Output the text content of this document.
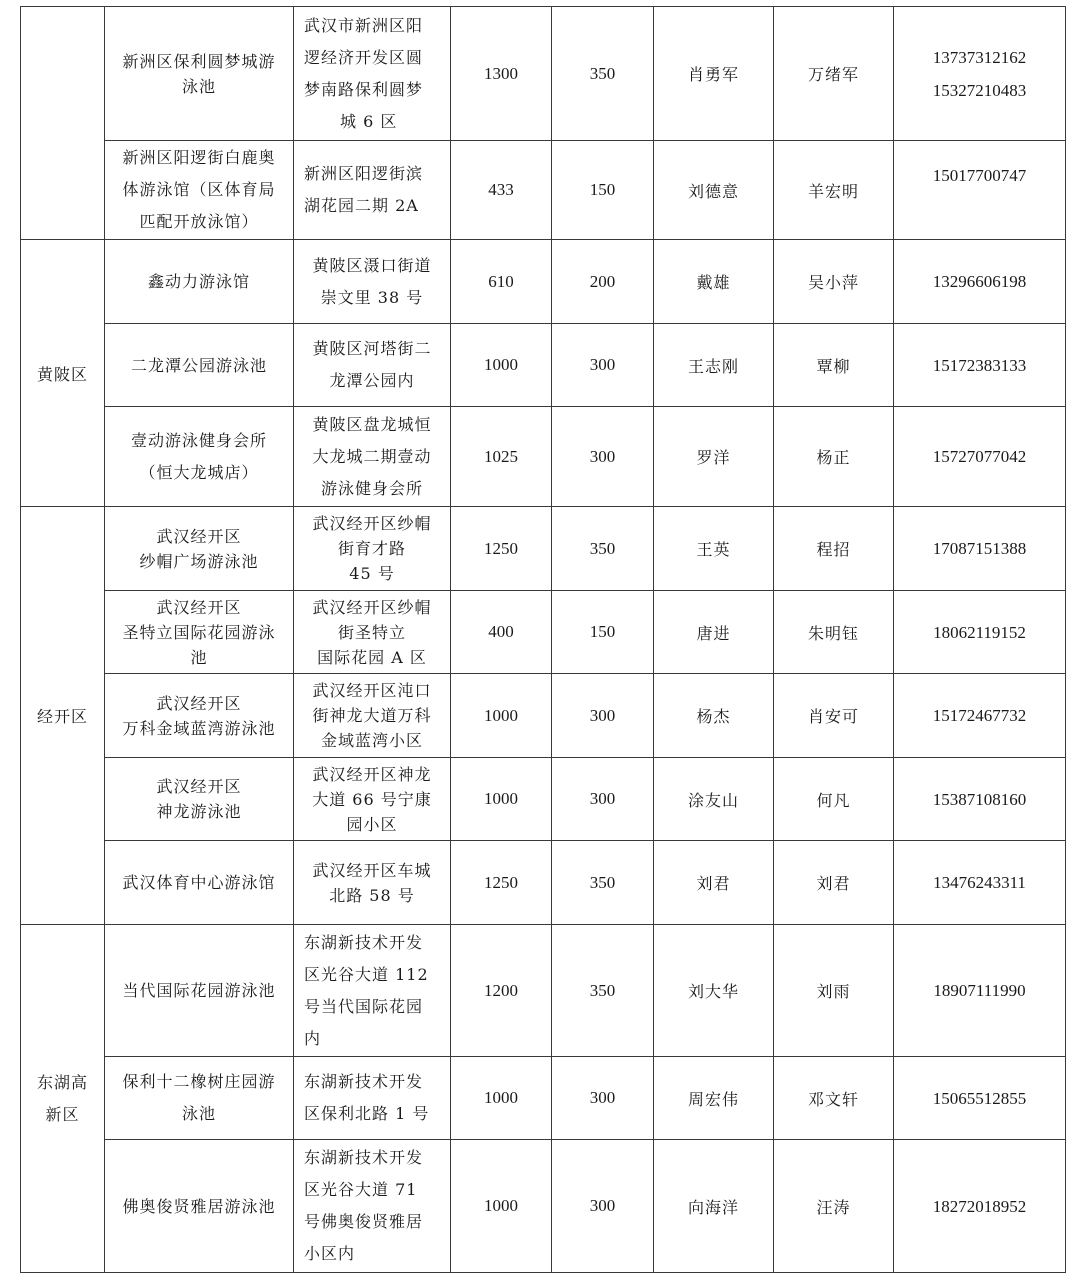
	新洲区保利圆梦城游
泳池	武汉市新洲区阳
逻经济开发区圆
梦南路保利圆梦
城 6 区	1300	350	肖勇军	万绪军	13737312162
15327210483

	新洲区阳逻街白鹿奥
体游泳馆（区体育局
匹配开放泳馆）	新洲区阳逻街滨
湖花园二期 2A	433	150	刘德意	羊宏明	15017700747

黄陂区	鑫动力游泳馆	黄陂区滠口街道
崇文里 38 号	610	200	戴雄	吴小萍	13296606198

	二龙潭公园游泳池	黄陂区河塔街二
龙潭公园内	1000	300	王志刚	覃柳	15172383133

	壹动游泳健身会所
（恒大龙城店）	黄陂区盘龙城恒
大龙城二期壹动
游泳健身会所	1025	300	罗洋	杨正	15727077042

经开区	武汉经开区
纱帽广场游泳池	武汉经开区纱帽
街育才路
45 号	1250	350	王英	程招	17087151388

	武汉经开区
圣特立国际花园游泳
池	武汉经开区纱帽
街圣特立
国际花园 A 区	400	150	唐进	朱明钰	18062119152

	武汉经开区
万科金域蓝湾游泳池	武汉经开区沌口
街神龙大道万科
金域蓝湾小区	1000	300	杨杰	肖安可	15172467732

	武汉经开区
神龙游泳池	武汉经开区神龙
大道 66 号宁康
园小区	1000	300	涂友山	何凡	15387108160

	武汉体育中心游泳馆	武汉经开区车城
北路 58 号	1250	350	刘君	刘君	13476243311

东湖高
新区	当代国际花园游泳池	东湖新技术开发
区光谷大道 112
号当代国际花园
内	1200	350	刘大华	刘雨	18907111990

	保利十二橡树庄园游
泳池	东湖新技术开发
区保利北路 1 号	1000	300	周宏伟	邓文轩	15065512855

	佛奥俊贤雅居游泳池	东湖新技术开发
区光谷大道 71
号佛奥俊贤雅居
小区内	1000	300	向海洋	汪涛	18272018952
